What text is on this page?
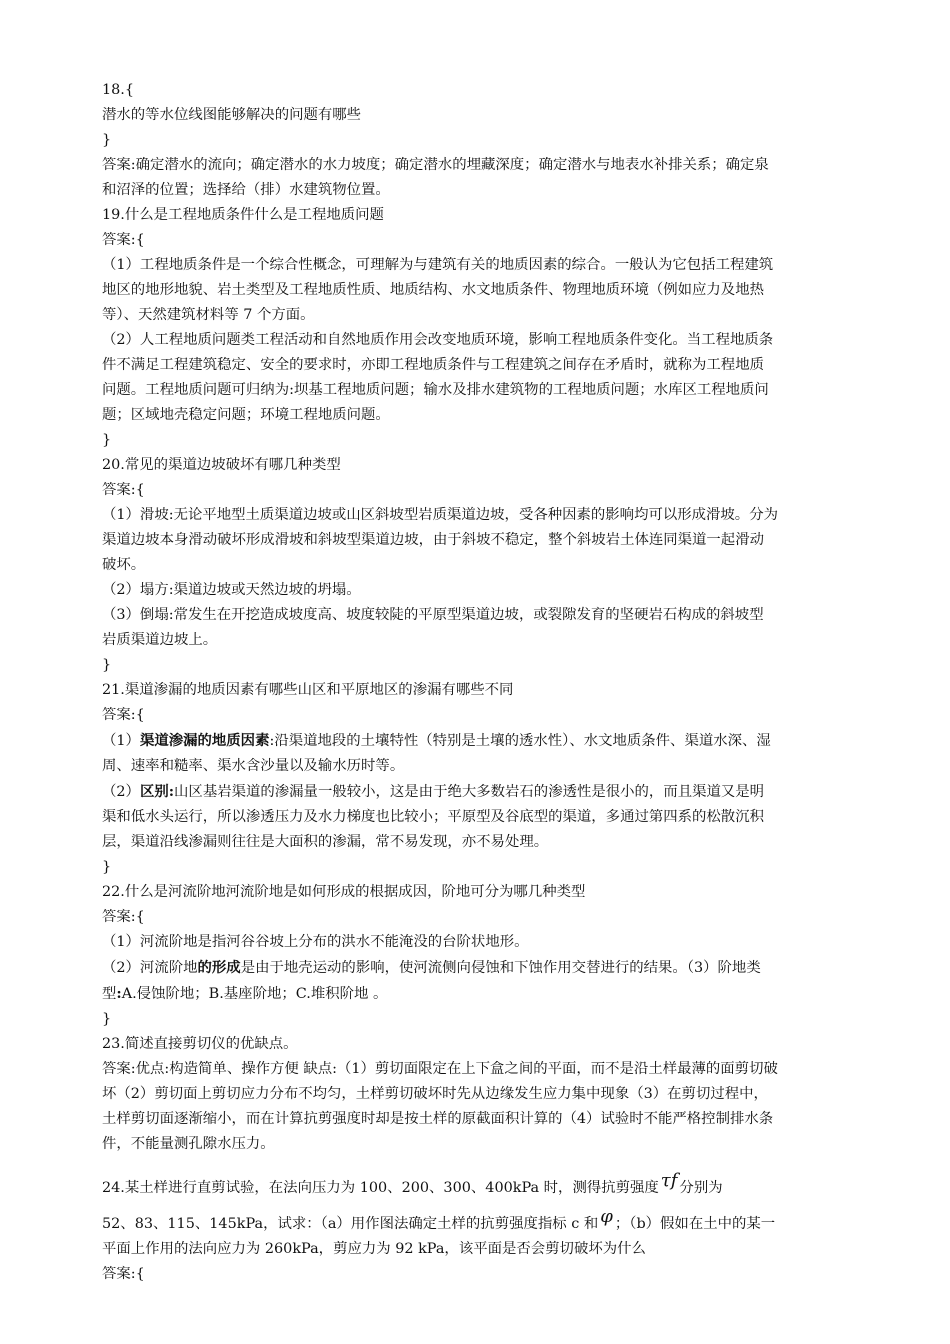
18.{
潜水的等水位线图能够解决的问题有哪些
}
答案:确定潜水的流向；确定潜水的水力坡度；确定潜水的埋藏深度；确定潜水与地表水补排关系；确定泉
和沼泽的位置；选择给（排）水建筑物位置。
19.什么是工程地质条件什么是工程地质问题
答案:{
（1）工程地质条件是一个综合性概念，可理解为与建筑有关的地质因素的综合。一般认为它包括工程建筑
地区的地形地貌、岩土类型及工程地质性质、地质结构、水文地质条件、物理地质环境（例如应力及地热
等）、天然建筑材料等 7 个方面。
（2）人工程地质问题类工程活动和自然地质作用会改变地质环境，影响工程地质条件变化。当工程地质条
件不满足工程建筑稳定、安全的要求时，亦即工程地质条件与工程建筑之间存在矛盾时，就称为工程地质
问题。工程地质问题可归纳为:坝基工程地质问题；输水及排水建筑物的工程地质问题；水库区工程地质问
题；区域地壳稳定问题；环境工程地质问题。
}
20.常见的渠道边坡破坏有哪几种类型
答案:{
（1）滑坡:无论平地型土质渠道边坡或山区斜坡型岩质渠道边坡，受各种因素的影响均可以形成滑坡。分为
渠道边坡本身滑动破坏形成滑坡和斜坡型渠道边坡，由于斜坡不稳定，整个斜坡岩土体连同渠道一起滑动
破坏。
（2）塌方:渠道边坡或天然边坡的坍塌。
（3）倒塌:常发生在开挖造成坡度高、坡度较陡的平原型渠道边坡，或裂隙发育的坚硬岩石构成的斜坡型
岩质渠道边坡上。
}
21.渠道渗漏的地质因素有哪些山区和平原地区的渗漏有哪些不同
答案:{
（1）渠道渗漏的地质因素:沿渠道地段的土壤特性（特别是土壤的透水性）、水文地质条件、渠道水深、湿
周、速率和糙率、渠水含沙量以及输水历时等。
（2）区别:山区基岩渠道的渗漏量一般较小，这是由于绝大多数岩石的渗透性是很小的，而且渠道又是明
渠和低水头运行，所以渗透压力及水力梯度也比较小；平原型及谷底型的渠道，多通过第四系的松散沉积
层，渠道沿线渗漏则往往是大面积的渗漏，常不易发现，亦不易处理。
}
22.什么是河流阶地河流阶地是如何形成的根据成因，阶地可分为哪几种类型
答案:{
（1）河流阶地是指河谷谷坡上分布的洪水不能淹没的台阶状地形。
（2）河流阶地的形成是由于地壳运动的影响，使河流侧向侵蚀和下蚀作用交替进行的结果。（3）阶地类
型:A.侵蚀阶地；B.基座阶地；C.堆积阶地 。
}
23.简述直接剪切仪的优缺点。
答案:优点:构造简单、操作方便 缺点:（1）剪切面限定在上下盒之间的平面，而不是沿土样最薄的面剪切破
坏（2）剪切面上剪切应力分布不均匀，土样剪切破坏时先从边缘发生应力集中现象（3）在剪切过程中，
土样剪切面逐渐缩小，而在计算抗剪强度时却是按土样的原截面积计算的（4）试验时不能严格控制排水条
件，不能量测孔隙水压力。
24.某土样进行直剪试验，在法向压力为 100、200、300、400kPa 时，测得抗剪强度 τf 分别为
52、83、115、145kPa，试求：（a）用作图法确定土样的抗剪强度指标 c 和 φ ；（b）假如在土中的某一
平面上作用的法向应力为 260kPa，剪应力为 92 kPa，该平面是否会剪切破坏为什么
答案:{
